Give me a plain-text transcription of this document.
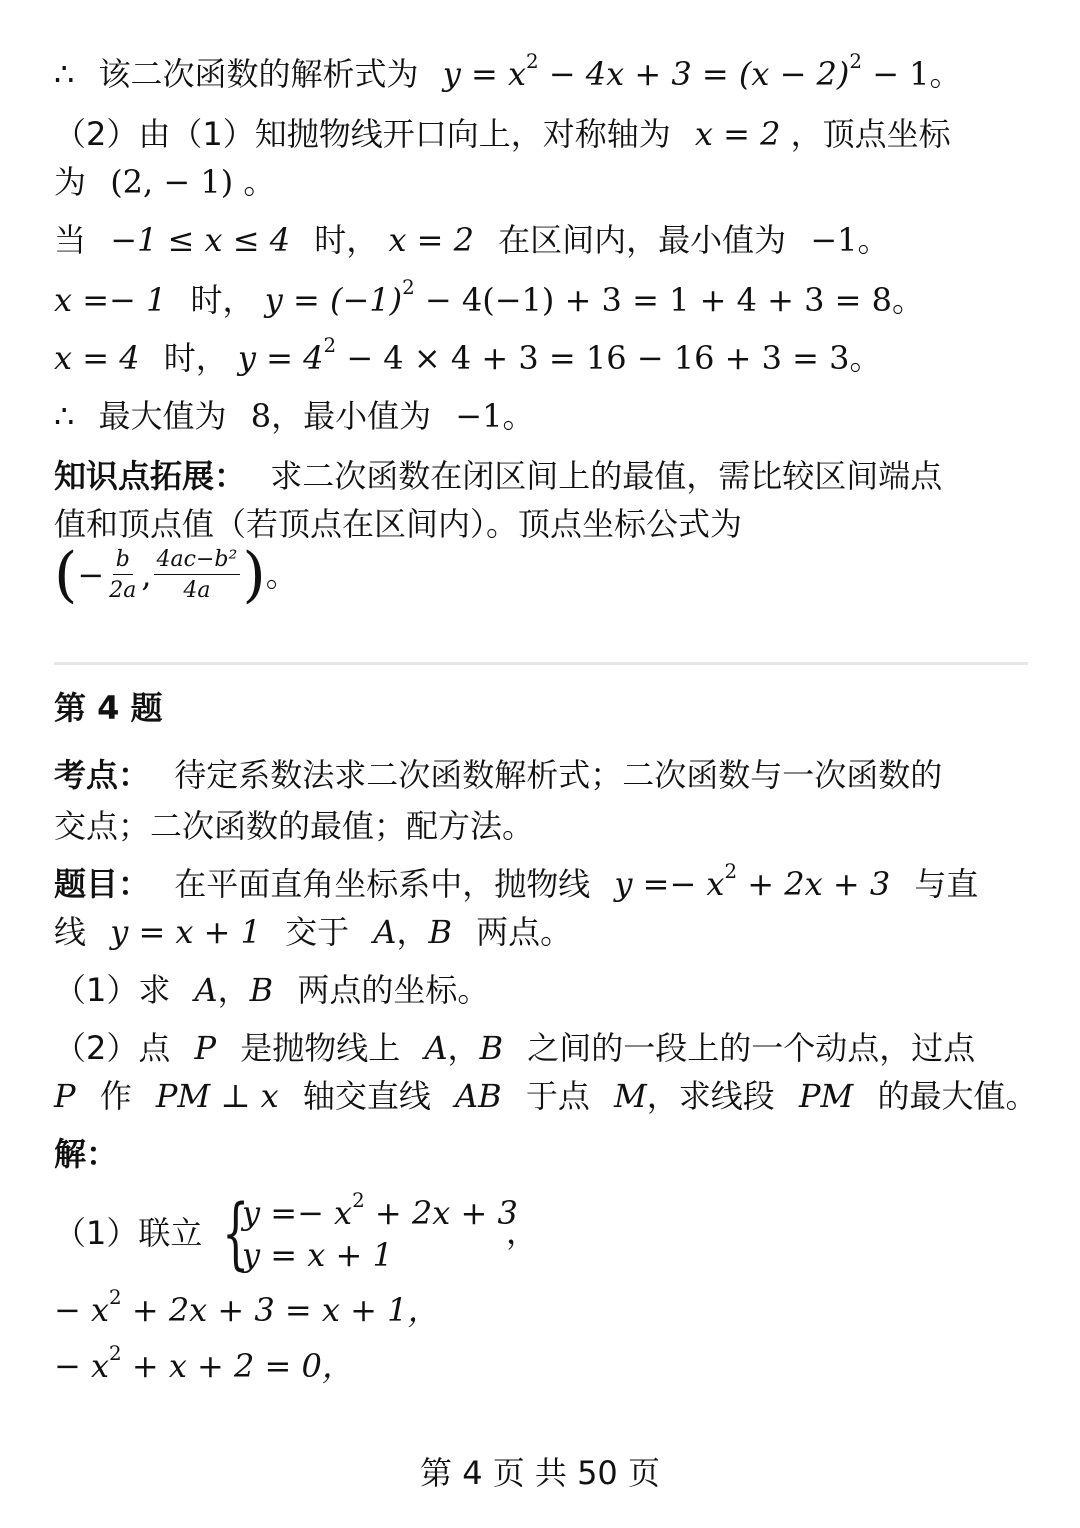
∴ 该二次函数的解析式为 $y = x^2 - 4x + 3 = (x - 2)^2 - 1$。
（2）由（1）知抛物线开口向上，对称轴为 x = 2 ，顶点坐标
为 (2, − 1) 。
当 −1 ≤ x ≤ 4 时， x = 2 在区间内，最小值为 −1。
x =− 1 时， $y = (-1)^2 - 4(-1) + 3 = 1 + 4 + 3 = 8$。
x = 4 时， $y = 4^2 - 4 \times 4 + 3 = 16 - 16 + 3 = 3$。
∴ 最大值为 8，最小值为 −1。
知识点拓展： 求二次函数在闭区间上的最值，需比较区间端点
值和顶点值（若顶点在区间内）。顶点坐标公式为
(− $\frac{b}{2a}$ , $\frac{\text{4ac−b²}}{4a}$ )。
第 4 题
考点： 待定系数法求二次函数解析式；二次函数与一次函数的
交点；二次函数的最值；配方法。
题目： 在平面直角坐标系中，抛物线 $y =- x^2 + 2x + 3$ 与直
线 y = x + 1 交于 A，B 两点。
（1）求 A，B 两点的坐标。
（2）点 P 是抛物线上 A，B 之间的一段上的一个动点，过点
P 作 PM ⊥ x 轴交直线 AB 于点 M，求线段 PM 的最大值。
解：
（1）联立 {
$y =- x^2 + 2x + 3$
y = x + 1
，
− $x^2 + 2x + 3 = x + 1$，
− $x^2 + x + 2 = 0$，
第 4 页 共 50 页
